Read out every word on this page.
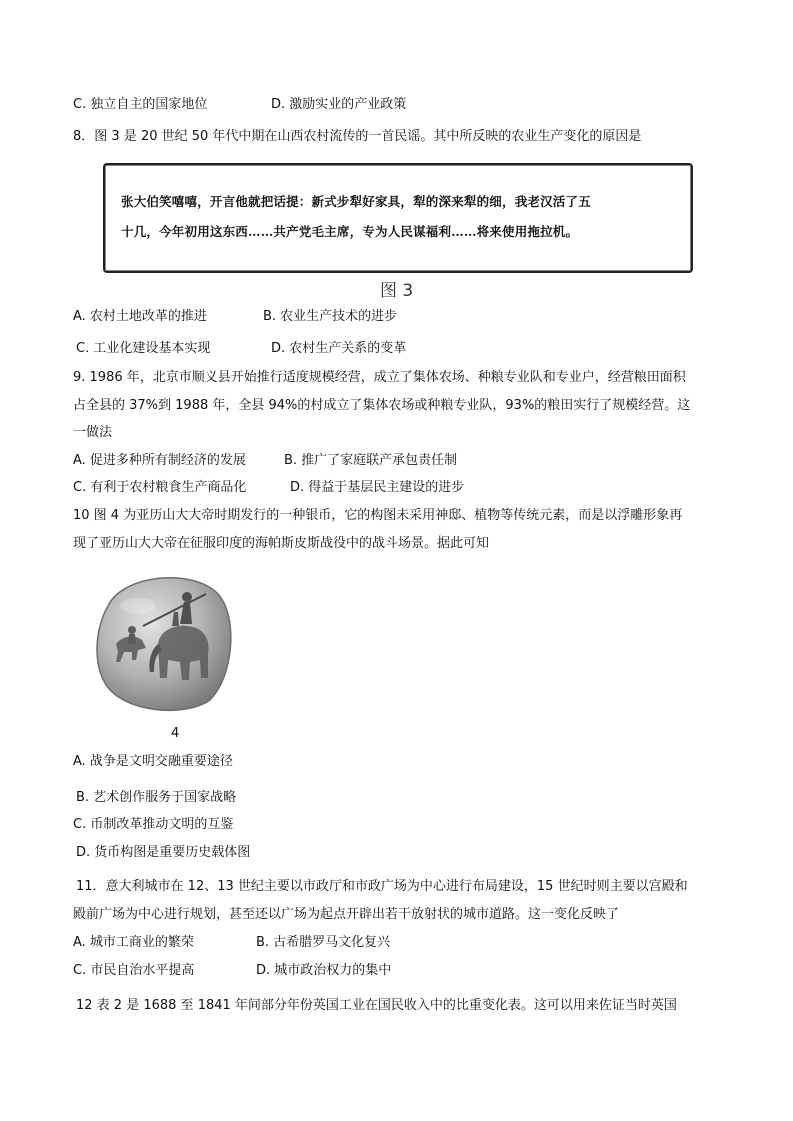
C. 独立自主的国家地位	D. 激励实业的产业政策
8．图 3 是 20 世纪 50 年代中期在山西农村流传的一首民谣。其中所反映的农业生产变化的原因是
张大伯笑嘻嘻，开言他就把话提：新式步犁好家具，犁的深来犁的细，我老汉活了五
十几，今年初用这东西……共产党毛主席，专为人民谋福利……将来使用拖拉机。
图 3
A. 农村土地改革的推进	B. 农业生产技术的进步
C. 工业化建设基本实现	D. 农村生产关系的变革
9. 1986 年，北京市顺义县开始推行适度规模经营，成立了集体农场、种粮专业队和专业户，经营粮田面积
占全县的 37%到 1988 年，全县 94%的村成立了集体农场或种粮专业队，93%的粮田实行了规模经营。这
一做法
A. 促进多种所有制经济的发展	B. 推广了家庭联产承包责任制
C. 有利于农村粮食生产商品化	D. 得益于基层民主建设的进步
10 图 4 为亚历山大大帝时期发行的一种银币，它的构图未采用神邸、植物等传统元素，而是以浮雕形象再
现了亚历山大大帝在征服印度的海帕斯皮斯战役中的战斗场景。据此可知
4
A. 战争是文明交融重要途径
B. 艺术创作服务于国家战略
C. 币制改革推动文明的互鉴
D. 货币构图是重要历史载体图
11．意大利城市在 12、13 世纪主要以市政厅和市政广场为中心进行布局建设，15 世纪时则主要以宫殿和
殿前广场为中心进行规划，甚至还以广场为起点开辟出若干放射状的城市道路。这一变化反映了
A. 城市工商业的繁荣	B. 古希腊罗马文化复兴
C. 市民自治水平提高	D. 城市政治权力的集中
12 表 2 是 1688 至 1841 年间部分年份英国工业在国民收入中的比重变化表。这可以用来佐证当时英国
